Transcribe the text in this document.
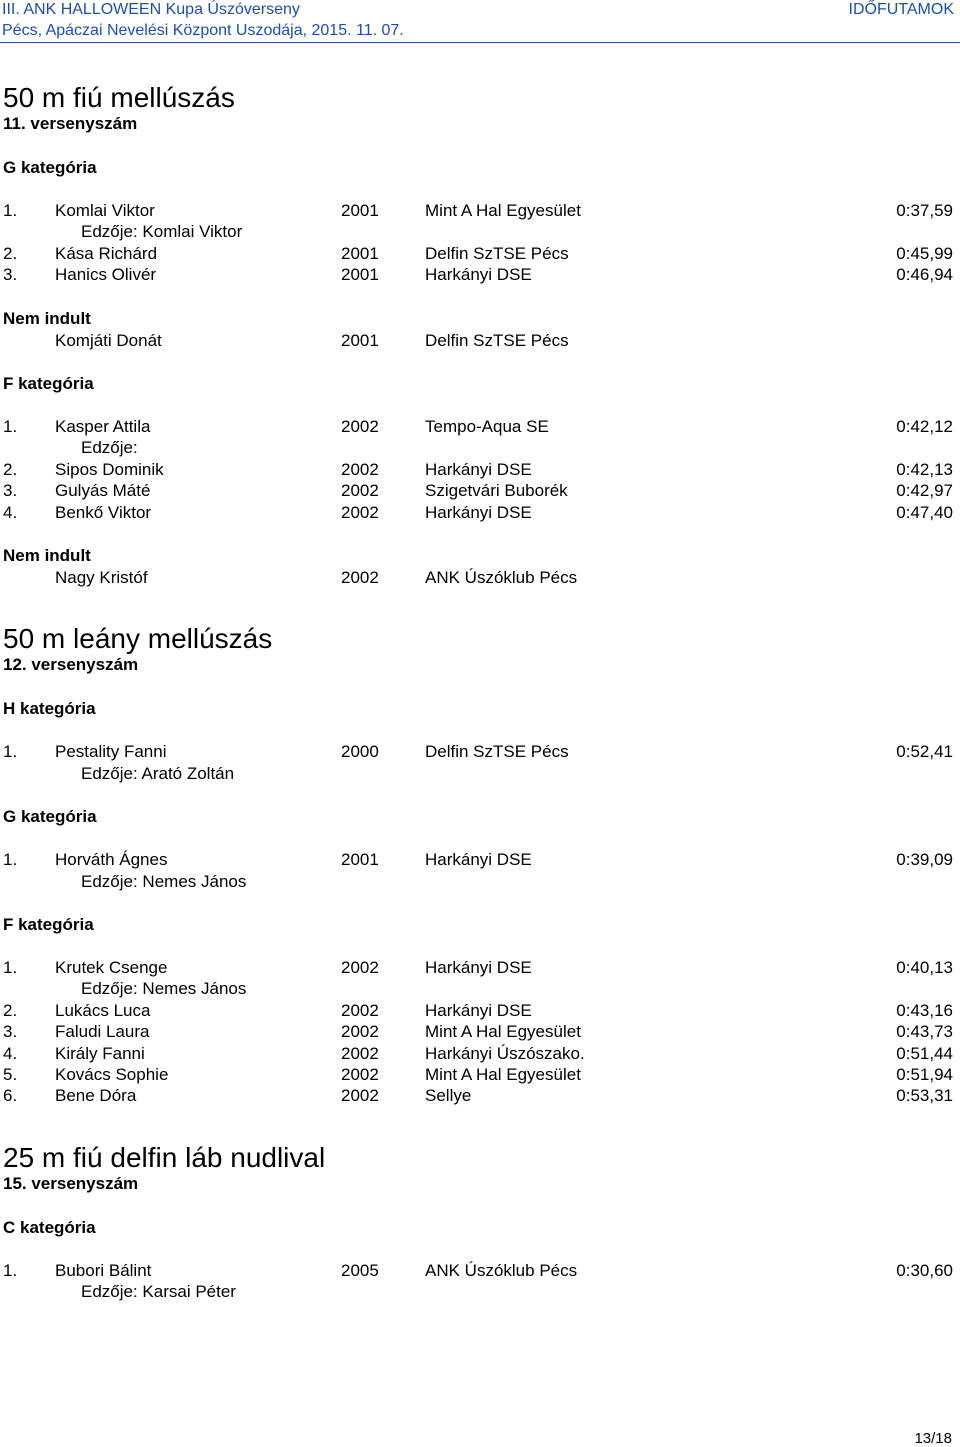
III. ANK HALLOWEEN Kupa Úszóverseny
Pécs, Apáczai Nevelési Központ Uszodája, 2015. 11. 07.
IDŐFUTAMOK
50 m fiú mellúszás
11. versenyszám
G kategória
1. Komlai Viktor	2001	Mint A Hal Egyesület	0:37,59
Edzője: Komlai Viktor
2. Kása Richárd	2001	Delfin SzTSE Pécs	0:45,99
3. Hanics Olivér	2001	Harkányi DSE	0:46,94
Nem indult
Komjáti Donát	2001	Delfin SzTSE Pécs
F kategória
1. Kasper Attila	2002	Tempo-Aqua SE	0:42,12
Edzője:
2. Sipos Dominik	2002	Harkányi DSE	0:42,13
3. Gulyás Máté	2002	Szigetvári Buborék	0:42,97
4. Benkő Viktor	2002	Harkányi DSE	0:47,40
Nem indult
Nagy Kristóf	2002	ANK Úszóklub Pécs
50 m leány mellúszás
12. versenyszám
H kategória
1. Pestality Fanni	2000	Delfin SzTSE Pécs	0:52,41
Edzője: Arató Zoltán
G kategória
1. Horváth Ágnes	2001	Harkányi DSE	0:39,09
Edzője: Nemes János
F kategória
1. Krutek Csenge	2002	Harkányi DSE	0:40,13
Edzője: Nemes János
2. Lukács Luca	2002	Harkányi DSE	0:43,16
3. Faludi Laura	2002	Mint A Hal Egyesület	0:43,73
4. Király Fanni	2002	Harkányi Úszószako.	0:51,44
5. Kovács Sophie	2002	Mint A Hal Egyesület	0:51,94
6. Bene Dóra	2002	Sellye	0:53,31
25 m fiú delfin láb nudlival
15. versenyszám
C kategória
1. Bubori Bálint	2005	ANK Úszóklub Pécs	0:30,60
Edzője: Karsai Péter
13/18
